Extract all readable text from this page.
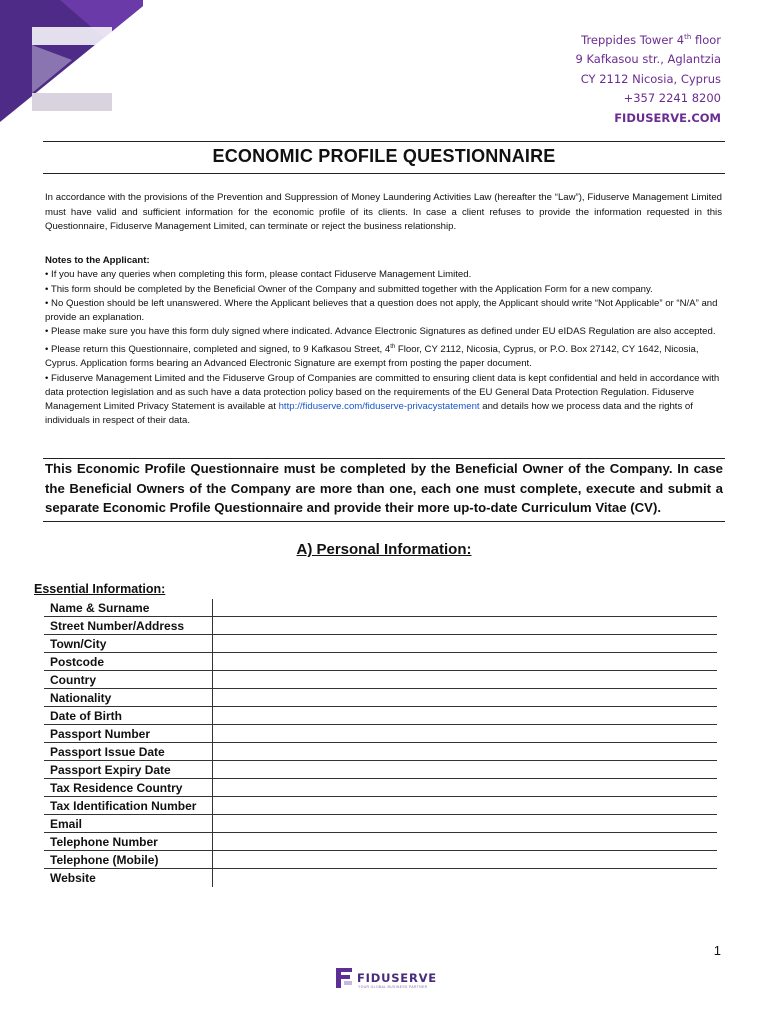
Treppides Tower 4th floor
9 Kafkasou str., Aglantzia
CY 2112 Nicosia, Cyprus
+357 2241 8200
FIDUSERVE.COM
ECONOMIC PROFILE QUESTIONNAIRE

In accordance with the provisions of the Prevention and Suppression of Money Laundering Activities Law (hereafter the “Law”), Fiduserve Management Limited must have valid and sufficient information for the economic profile of its clients. In case a client refuses to provide the information requested in this Questionnaire, Fiduserve Management Limited, can terminate or reject the business relationship.

Notes to the Applicant:
• If you have any queries when completing this form, please contact Fiduserve Management Limited.
• This form should be completed by the Beneficial Owner of the Company and submitted together with the Application Form for a new company.
• No Question should be left unanswered. Where the Applicant believes that a question does not apply, the Applicant should write “Not Applicable” or “N/A” and provide an explanation.
• Please make sure you have this form duly signed where indicated. Advance Electronic Signatures as defined under EU eIDAS Regulation are also accepted.
• Please return this Questionnaire, completed and signed, to 9 Kafkasou Street, 4th Floor, CY 2112, Nicosia, Cyprus, or P.O. Box 27142, CY 1642, Nicosia, Cyprus. Application forms bearing an Advanced Electronic Signature are exempt from posting the paper document.
• Fiduserve Management Limited and the Fiduserve Group of Companies are committed to ensuring client data is kept confidential and held in accordance with data protection legislation and as such have a data protection policy based on the requirements of the EU General Data Protection Regulation. Fiduserve Management Limited Privacy Statement is available at http://fiduserve.com/fiduserve-privacystatement and details how we process data and the rights of individuals in respect of their data.

This Economic Profile Questionnaire must be completed by the Beneficial Owner of the Company. In case the Beneficial Owners of the Company are more than one, each one must complete, execute and submit a separate Economic Profile Questionnaire and provide their more up-to-date Curriculum Vitae (CV).

A) Personal Information:
Essential Information:
Name & Surname
Street Number/Address
Town/City
Postcode
Country
Nationality
Date of Birth
Passport Number
Passport Issue Date
Passport Expiry Date
Tax Residence Country
Tax Identification Number
Email
Telephone Number
Telephone (Mobile)
Website
1
FIDUSERVE
YOUR GLOBAL BUSINESS PARTNER
